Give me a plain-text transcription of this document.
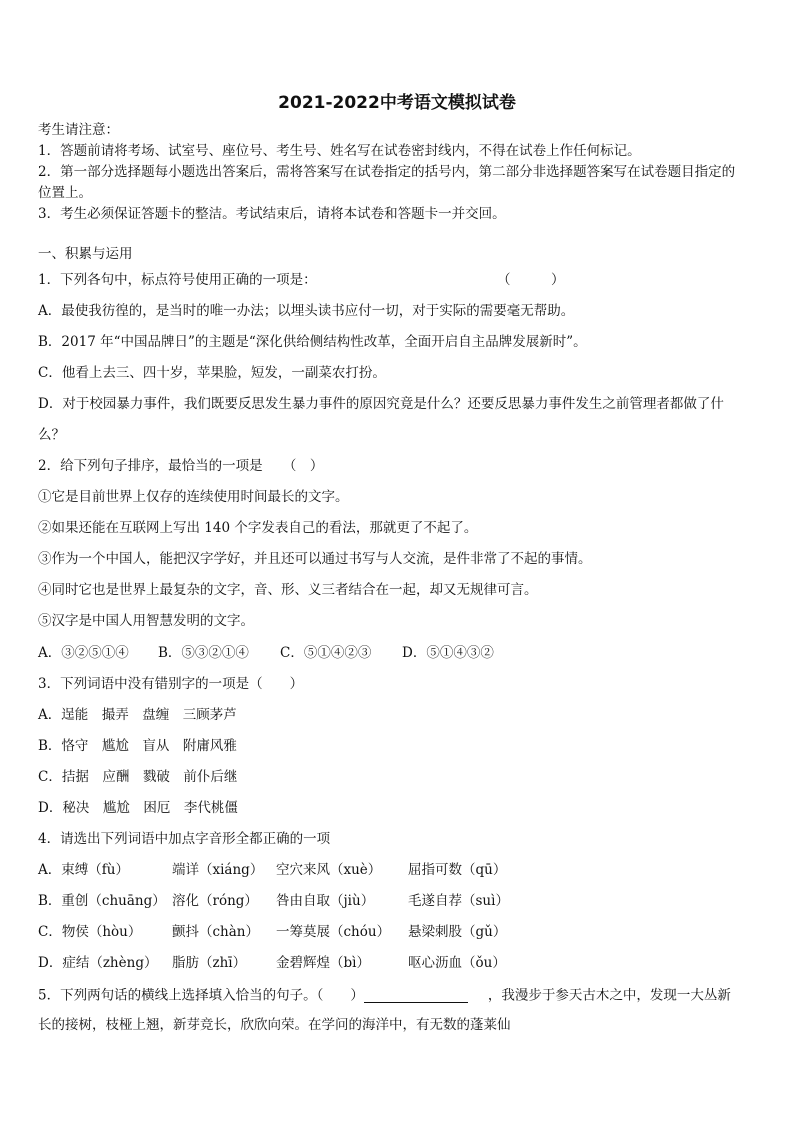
2021-2022中考语文模拟试卷
考生请注意：
1．答题前请将考场、试室号、座位号、考生号、姓名写在试卷密封线内，不得在试卷上作任何标记。
2．第一部分选择题每小题选出答案后，需将答案写在试卷指定的括号内，第二部分非选择题答案写在试卷题目指定的
位置上。
3．考生必须保证答题卡的整洁。考试结束后，请将本试卷和答题卡一并交回。
一、积累与运用
1．下列各句中，标点符号使用正确的一项是：	（　　　）
A．最使我彷徨的，是当时的唯一办法；以埋头读书应付一切，对于实际的需要毫无帮助。
B．2017 年“中国品牌日”的主题是“深化供给侧结构性改革，全面开启自主品牌发展新时”。
C．他看上去三、四十岁，苹果脸，短发，一副菜农打扮。
D．对于校园暴力事件，我们既要反思发生暴力事件的原因究竟是什么？还要反思暴力事件发生之前管理者都做了什
么？
2．给下列句子排序，最恰当的一项是　　（　）
①它是目前世界上仅存的连续使用时间最长的文字。
②如果还能在互联网上写出 140 个字发表自己的看法，那就更了不起了。
③作为一个中国人，能把汉字学好，并且还可以通过书写与人交流，是件非常了不起的事情。
④同时它也是世界上最复杂的文字，音、形、义三者结合在一起，却又无规律可言。
⑤汉字是中国人用智慧发明的文字。
A．③②⑤①④ B．⑤③②①④ C．⑤①④②③ D．⑤①④③②
3．下列词语中没有错别字的一项是（　　）
A．逞能　撮弄　盘缠　三顾茅芦
B．恪守　尴尬　盲从　附庸风雅
C．拮据　应酬　戮破　前仆后继
D．秘决　尴尬　困厄　李代桃僵
4．请选出下列词语中加点字音形全都正确的一项
A．束缚（fù）	端详（xiáng） 空穴来风（xuè） 屈指可数（qū）
B．重创（chuāng） 溶化（róng） 咎由自取（jiù）	毛遂自荐（suì）
C．物侯（hòu） 颤抖（chàn） 一筹莫展（chóu） 悬梁刺股（gǔ）
D．症结（zhèng） 脂肪（zhī） 金碧辉煌（bì）	呕心沥血（ǒu）
5．下列两句话的横线上选择填入恰当的句子。（　　）	，我漫步于参天古木之中，发现一大丛新
长的接树，枝桠上翘，新芽竞长，欣欣向荣。在学问的海洋中，有无数的蓬莱仙
